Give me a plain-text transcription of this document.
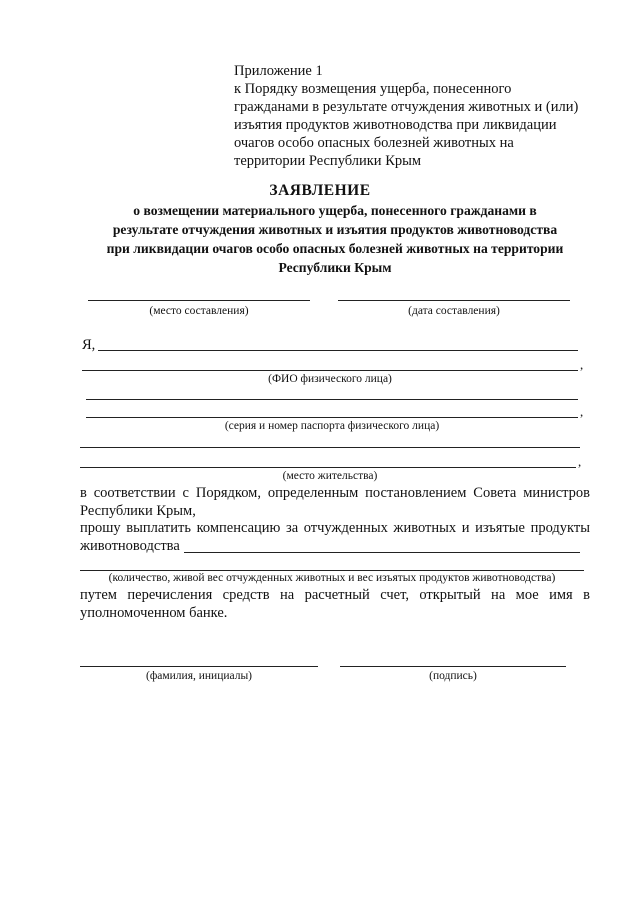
Приложение 1
к Порядку возмещения ущерба, понесенного
гражданами в результате отчуждения животных и (или)
изъятия продуктов животноводства при ликвидации
очагов особо опасных болезней животных на
территории Республики Крым
ЗАЯВЛЕНИЕ
о возмещении материального ущерба, понесенного гражданами в
результате отчуждения животных и изъятия продуктов животноводства
при ликвидации очагов особо опасных болезней животных на территории
Республики Крым
(место составления)	(дата составления)
Я,
,
(ФИО физического лица)
,
(серия и номер паспорта физического лица)
,
(место жительства)
в соответствии с Порядком, определенным постановлением Совета министров
Республики Крым,
прошу выплатить компенсацию за отчужденных животных и изъятые продукты
животноводства
(количество, живой вес отчужденных животных и вес изъятых продуктов животноводства)
путем перечисления средств на расчетный счет, открытый на мое имя в
уполномоченном банке.
(фамилия, инициалы)	(подпись)
